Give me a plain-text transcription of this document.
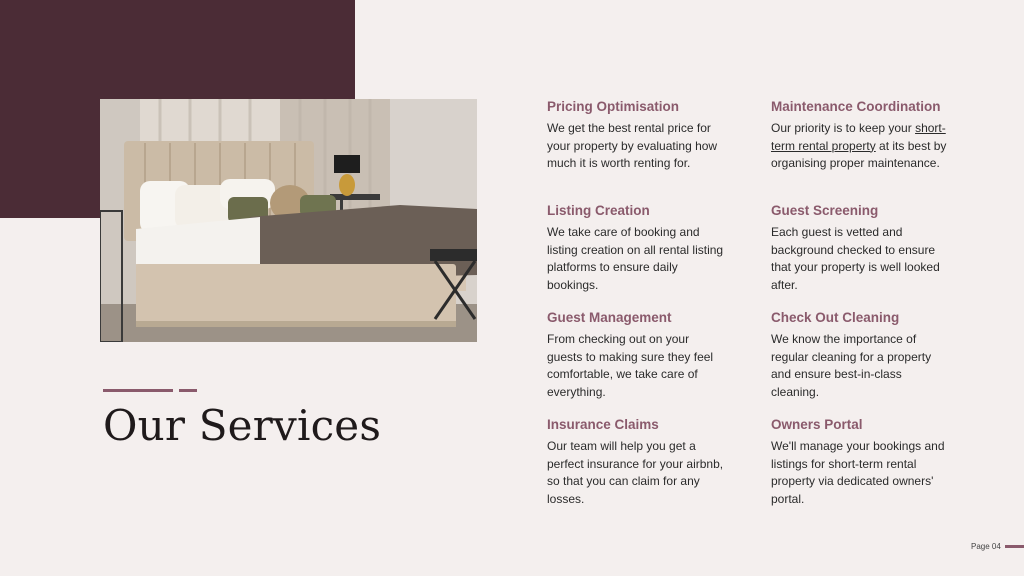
Our Services
Pricing Optimisation

We get the best rental price for your property by evaluating how much it is worth renting for.

Maintenance Coordination

Our priority is to keep your short-term rental property at its best by organising proper maintenance.

Listing Creation

We take care of booking and listing creation on all rental listing platforms to ensure daily bookings.

Guest Screening

Each guest is vetted and background checked to ensure that your property is well looked after.

Guest Management

From checking out on your guests to making sure they feel comfortable, we take care of everything.

Check Out Cleaning

We know the importance of regular cleaning for a property and ensure best-in-class cleaning.

Insurance Claims

Our team will help you get a perfect insurance for your airbnb, so that you can claim for any losses.

Owners Portal

We'll manage your bookings and listings for short-term rental property via dedicated owners' portal.

Page 04
